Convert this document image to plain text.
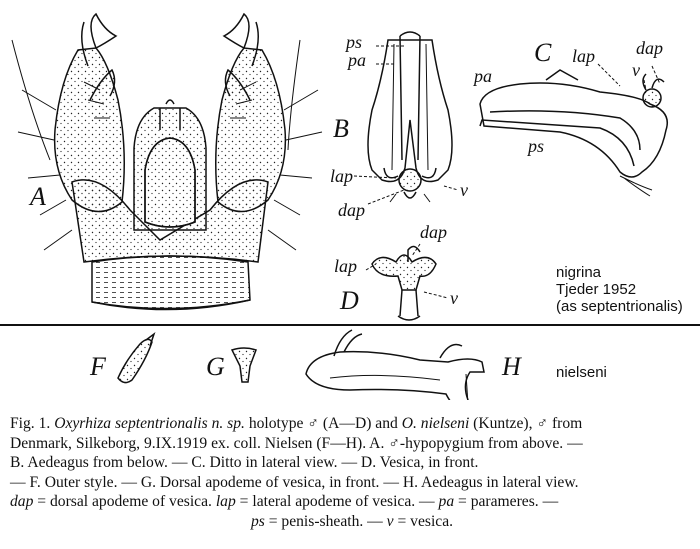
A
B
C
D
F	G	H
ps
pa
lap
v
dap
pa
lap dap
v
ps
lap
dap
v
nigrina
Tjeder 1952
(as septentrionalis)
nielseni
Fig. 1. Oxyrhiza septentrionalis n. sp. holotype ♂ (A—D) and O. nielseni (Kuntze), ♂ from
Denmark, Silkeborg, 9.IX.1919 ex. coll. Nielsen (F—H). A. ♂-hypopygium from above. —
B. Aedeagus from below. — C. Ditto in lateral view. — D. Vesica, in front.
— F. Outer style. — G. Dorsal apodeme of vesica, in front. — H. Aedeagus in lateral view.
dap = dorsal apodeme of vesica. lap = lateral apodeme of vesica. — pa = parameres. —
ps = penis-sheath. — v = vesica.
